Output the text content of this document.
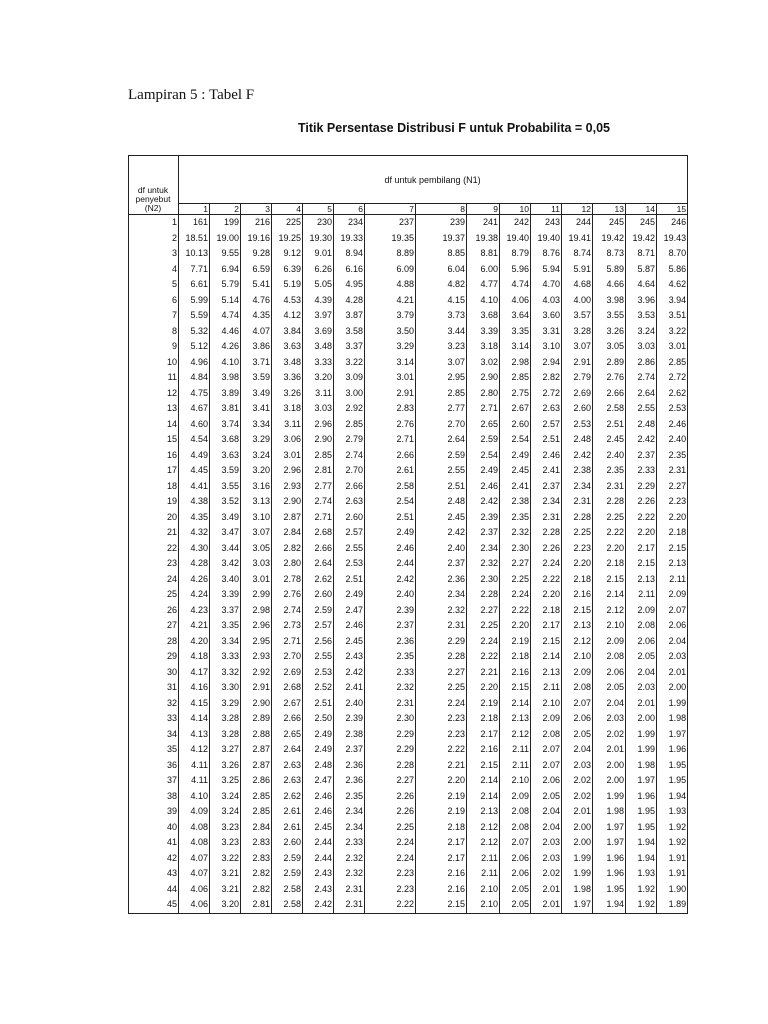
Lampiran 5 : Tabel F
Titik Persentase Distribusi F untuk Probabilita = 0,05
df untuk
penyebut
(N2)	df untuk pembilang (N1)														
	1	2	3	4	5	6	7	8	9	10	11	12	13	14	15
1	161	199	216	225	230	234	237	239	241	242	243	244	245	245	246
2	18.51	19.00	19.16	19.25	19.30	19.33	19.35	19.37	19.38	19.40	19.40	19.41	19.42	19.42	19.43
3	10.13	9.55	9.28	9.12	9.01	8.94	8.89	8.85	8.81	8.79	8.76	8.74	8.73	8.71	8.70
4	7.71	6.94	6.59	6.39	6.26	6.16	6.09	6.04	6.00	5.96	5.94	5.91	5.89	5.87	5.86
5	6.61	5.79	5.41	5.19	5.05	4.95	4.88	4.82	4.77	4.74	4.70	4.68	4.66	4.64	4.62
6	5.99	5.14	4.76	4.53	4.39	4.28	4.21	4.15	4.10	4.06	4.03	4.00	3.98	3.96	3.94
7	5.59	4.74	4.35	4.12	3.97	3.87	3.79	3.73	3.68	3.64	3.60	3.57	3.55	3.53	3.51
8	5.32	4.46	4.07	3.84	3.69	3.58	3.50	3.44	3.39	3.35	3.31	3.28	3.26	3.24	3.22
9	5.12	4.26	3.86	3.63	3.48	3.37	3.29	3.23	3.18	3.14	3.10	3.07	3.05	3.03	3.01
10	4.96	4.10	3.71	3.48	3.33	3.22	3.14	3.07	3.02	2.98	2.94	2.91	2.89	2.86	2.85
11	4.84	3.98	3.59	3.36	3.20	3.09	3.01	2.95	2.90	2.85	2.82	2.79	2.76	2.74	2.72
12	4.75	3.89	3.49	3.26	3.11	3.00	2.91	2.85	2.80	2.75	2.72	2.69	2.66	2.64	2.62
13	4.67	3.81	3.41	3.18	3.03	2.92	2.83	2.77	2.71	2.67	2.63	2.60	2.58	2.55	2.53
14	4.60	3.74	3.34	3.11	2.96	2.85	2.76	2.70	2.65	2.60	2.57	2.53	2.51	2.48	2.46
15	4.54	3.68	3.29	3.06	2.90	2.79	2.71	2.64	2.59	2.54	2.51	2.48	2.45	2.42	2.40
16	4.49	3.63	3.24	3.01	2.85	2.74	2.66	2.59	2.54	2.49	2.46	2.42	2.40	2.37	2.35
17	4.45	3.59	3.20	2.96	2.81	2.70	2.61	2.55	2.49	2.45	2.41	2.38	2.35	2.33	2.31
18	4.41	3.55	3.16	2.93	2.77	2.66	2.58	2.51	2.46	2.41	2.37	2.34	2.31	2.29	2.27
19	4.38	3.52	3.13	2.90	2.74	2.63	2.54	2.48	2.42	2.38	2.34	2.31	2.28	2.26	2.23
20	4.35	3.49	3.10	2.87	2.71	2.60	2.51	2.45	2.39	2.35	2.31	2.28	2.25	2.22	2.20
21	4.32	3.47	3.07	2.84	2.68	2.57	2.49	2.42	2.37	2.32	2.28	2.25	2.22	2.20	2.18
22	4.30	3.44	3.05	2.82	2.66	2.55	2.46	2.40	2.34	2.30	2.26	2.23	2.20	2.17	2.15
23	4.28	3.42	3.03	2.80	2.64	2.53	2.44	2.37	2.32	2.27	2.24	2.20	2.18	2.15	2.13
24	4.26	3.40	3.01	2.78	2.62	2.51	2.42	2.36	2.30	2.25	2.22	2.18	2.15	2.13	2.11
25	4.24	3.39	2.99	2.76	2.60	2.49	2.40	2.34	2.28	2.24	2.20	2.16	2.14	2.11	2.09
26	4.23	3.37	2.98	2.74	2.59	2.47	2.39	2.32	2.27	2.22	2.18	2.15	2.12	2.09	2.07
27	4.21	3.35	2.96	2.73	2.57	2.46	2.37	2.31	2.25	2.20	2.17	2.13	2.10	2.08	2.06
28	4.20	3.34	2.95	2.71	2.56	2.45	2.36	2.29	2.24	2.19	2.15	2.12	2.09	2.06	2.04
29	4.18	3.33	2.93	2.70	2.55	2.43	2.35	2.28	2.22	2.18	2.14	2.10	2.08	2.05	2.03
30	4.17	3.32	2.92	2.69	2.53	2.42	2.33	2.27	2.21	2.16	2.13	2.09	2.06	2.04	2.01
31	4.16	3.30	2.91	2.68	2.52	2.41	2.32	2.25	2.20	2.15	2.11	2.08	2.05	2.03	2.00
32	4.15	3.29	2.90	2.67	2.51	2.40	2.31	2.24	2.19	2.14	2.10	2.07	2.04	2.01	1.99
33	4.14	3.28	2.89	2.66	2.50	2.39	2.30	2.23	2.18	2.13	2.09	2.06	2.03	2.00	1.98
34	4.13	3.28	2.88	2.65	2.49	2.38	2.29	2.23	2.17	2.12	2.08	2.05	2.02	1.99	1.97
35	4.12	3.27	2.87	2.64	2.49	2.37	2.29	2.22	2.16	2.11	2.07	2.04	2.01	1.99	1.96
36	4.11	3.26	2.87	2.63	2.48	2.36	2.28	2.21	2.15	2.11	2.07	2.03	2.00	1.98	1.95
37	4.11	3.25	2.86	2.63	2.47	2.36	2.27	2.20	2.14	2.10	2.06	2.02	2.00	1.97	1.95
38	4.10	3.24	2.85	2.62	2.46	2.35	2.26	2.19	2.14	2.09	2.05	2.02	1.99	1.96	1.94
39	4.09	3.24	2.85	2.61	2.46	2.34	2.26	2.19	2.13	2.08	2.04	2.01	1.98	1.95	1.93
40	4.08	3.23	2.84	2.61	2.45	2.34	2.25	2.18	2.12	2.08	2.04	2.00	1.97	1.95	1.92
41	4.08	3.23	2.83	2.60	2.44	2.33	2.24	2.17	2.12	2.07	2.03	2.00	1.97	1.94	1.92
42	4.07	3.22	2.83	2.59	2.44	2.32	2.24	2.17	2.11	2.06	2.03	1.99	1.96	1.94	1.91
43	4.07	3.21	2.82	2.59	2.43	2.32	2.23	2.16	2.11	2.06	2.02	1.99	1.96	1.93	1.91
44	4.06	3.21	2.82	2.58	2.43	2.31	2.23	2.16	2.10	2.05	2.01	1.98	1.95	1.92	1.90
45	4.06	3.20	2.81	2.58	2.42	2.31	2.22	2.15	2.10	2.05	2.01	1.97	1.94	1.92	1.89
